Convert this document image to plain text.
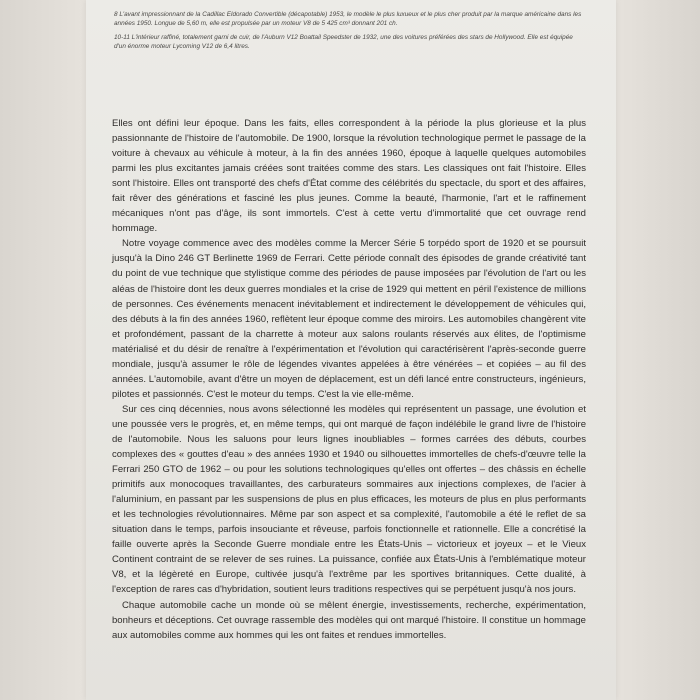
8 L'avant impressionnant de la Cadillac Eldorado Convertible (décapotable) 1953, le modèle le plus luxueux et le plus cher produit par la marque américaine dans les années 1950. Longue de 5,60 m, elle est propulsée par un moteur V8 de 5 425 cm³ donnant 201 ch.

10-11 L'intérieur raffiné, totalement garni de cuir, de l'Auburn V12 Boattail Speedster de 1932, une des voitures préférées des stars de Hollywood. Elle est équipée d'un énorme moteur Lycoming V12 de 6,4 litres.

Elles ont défini leur époque. Dans les faits, elles correspondent à la période la plus glorieuse et la plus passionnante de l'histoire de l'automobile. De 1900, lorsque la révolution technologique permet le passage de la voiture à chevaux au véhicule à moteur, à la fin des années 1960, époque à laquelle quelques automobiles parmi les plus excitantes jamais créées sont traitées comme des stars. Les classiques ont fait l'histoire. Elles sont l'histoire. Elles ont transporté des chefs d'État comme des célébrités du spectacle, du sport et des affaires, fait rêver des générations et fasciné les plus jeunes. Comme la beauté, l'harmonie, l'art et le raffinement mécaniques n'ont pas d'âge, ils sont immortels. C'est à cette vertu d'immortalité que cet ouvrage rend hommage.

Notre voyage commence avec des modèles comme la Mercer Série 5 torpédo sport de 1920 et se poursuit jusqu'à la Dino 246 GT Berlinette 1969 de Ferrari. Cette période connaît des épisodes de grande créativité tant du point de vue technique que stylistique comme des périodes de pause imposées par l'évolution de l'art ou les aléas de l'histoire dont les deux guerres mondiales et la crise de 1929 qui mettent en péril l'existence de millions de personnes. Ces événements menacent inévitablement et indirectement le développement de véhicules qui, des débuts à la fin des années 1960, reflètent leur époque comme des miroirs. Les automobiles changèrent vite et profondément, passant de la charrette à moteur aux salons roulants réservés aux élites, de l'optimisme matérialisé et du désir de renaître à l'expérimentation et l'évolution qui caractérisèrent l'après-seconde guerre mondiale, jusqu'à assumer le rôle de légendes vivantes appelées à être vénérées – et copiées – au fil des années. L'automobile, avant d'être un moyen de déplacement, est un défi lancé entre constructeurs, ingénieurs, pilotes et passionnés. C'est le moteur du temps. C'est la vie elle-même.

Sur ces cinq décennies, nous avons sélectionné les modèles qui représentent un passage, une évolution et une poussée vers le progrès, et, en même temps, qui ont marqué de façon indélébile le grand livre de l'histoire de l'automobile. Nous les saluons pour leurs lignes inoubliables – formes carrées des débuts, courbes complexes des « gouttes d'eau » des années 1930 et 1940 ou silhouettes immortelles de chefs-d'œuvre telle la Ferrari 250 GTO de 1962 – ou pour les solutions technologiques qu'elles ont offertes – des châssis en échelle primitifs aux monocoques travaillantes, des carburateurs sommaires aux injections complexes, de l'acier à l'aluminium, en passant par les suspensions de plus en plus efficaces, les moteurs de plus en plus performants et les technologies révolutionnaires. Même par son aspect et sa complexité, l'automobile a été le reflet de sa situation dans le temps, parfois insouciante et rêveuse, parfois fonctionnelle et rationnelle. Elle a concrétisé la faille ouverte après la Seconde Guerre mondiale entre les États-Unis – victorieux et joyeux – et le Vieux Continent contraint de se relever de ses ruines. La puissance, confiée aux États-Unis à l'emblématique moteur V8, et la légèreté en Europe, cultivée jusqu'à l'extrême par les sportives britanniques. Cette dualité, à l'exception de rares cas d'hybridation, soutient leurs traditions respectives qui se perpétuent jusqu'à nos jours.

Chaque automobile cache un monde où se mêlent énergie, investissements, recherche, expérimentation, bonheurs et déceptions. Cet ouvrage rassemble des modèles qui ont marqué l'histoire. Il constitue un hommage aux automobiles comme aux hommes qui les ont faites et rendues immortelles.
